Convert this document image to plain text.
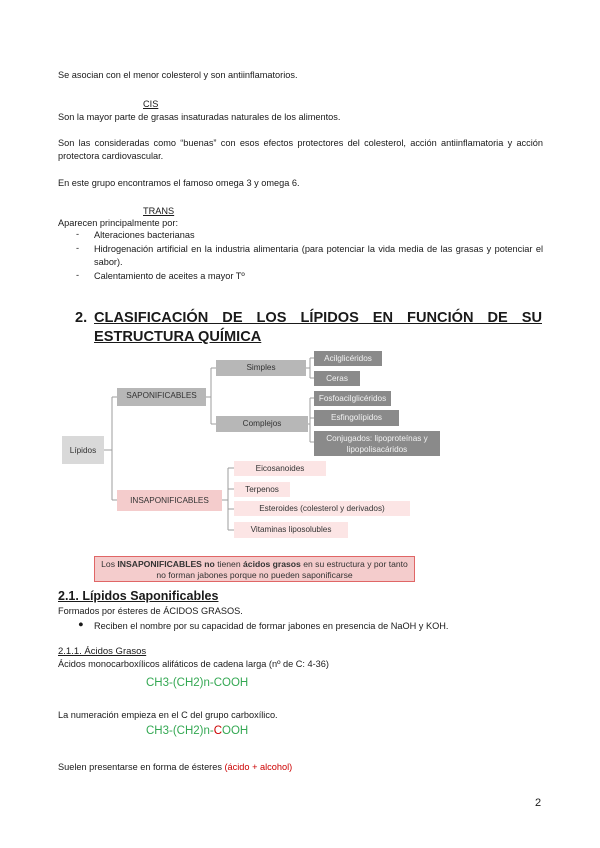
Se asocian con el menor colesterol y son antiinflamatorios.
CIS
Son la mayor parte de grasas insaturadas naturales de los alimentos.
Son las consideradas como “buenas” con esos efectos protectores del colesterol, acción antiinflamatoria y acción protectora cardiovascular.
En este grupo encontramos el famoso omega 3 y omega 6.
TRANS
Aparecen principalmente por:
- Alteraciones bacterianas
- Hidrogenación artificial en la industria alimentaria (para potenciar la vida media de las grasas y potenciar el sabor).
- Calentamiento de aceites a mayor Tº
2. CLASIFICACIÓN DE LOS LÍPIDOS EN FUNCIÓN DE SU ESTRUCTURA QUÍMICA
Lípidos
SAPONIFICABLES
Simples
Acilglicéridos
Ceras
Complejos
Fosfoacilglicéridos
Esfingolípidos
Conjugados: lipoproteínas y lipopolisacáridos
INSAPONIFICABLES
Eicosanoides
Terpenos
Esteroides (colesterol y derivados)
Vitaminas liposolubles
Los INSAPONIFICABLES no tienen ácidos grasos en su estructura y por tanto no forman jabones porque no pueden saponificarse
2.1. Lípidos Saponificables
Formados por ésteres de ÁCIDOS GRASOS.
● Reciben el nombre por su capacidad de formar jabones en presencia de NaOH y KOH.
2.1.1. Ácidos Grasos
Ácidos monocarboxílicos alifáticos de cadena larga (nº de C: 4-36)
CH3-(CH2)n-COOH
La numeración empieza en el C del grupo carboxílico.
CH3-(CH2)n-COOH
Suelen presentarse en forma de ésteres (ácido + alcohol)
2
